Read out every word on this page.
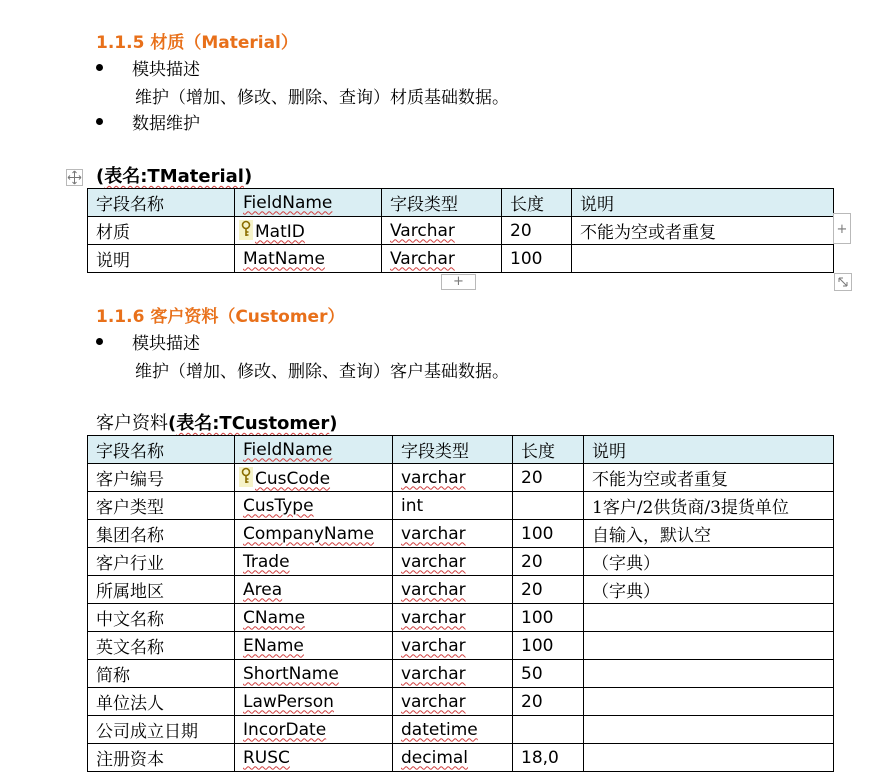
1.1.5 材质（Material）
模块描述
维护（增加、修改、删除、查询）材质基础数据。
数据维护
(表名:TMaterial)
字段名称	FieldName	字段类型	长度	说明
材质	MatID	Varchar	20	不能为空或者重复
说明	MatName	Varchar	100	
+
+
1.1.6 客户资料（Customer）
模块描述
维护（增加、修改、删除、查询）客户基础数据。
客户资料(表名:TCustomer)
字段名称	FieldName	字段类型	长度	说明
客户编号	CusCode	varchar	20	不能为空或者重复
客户类型	CusType	int		1客户/2供货商/3提货单位
集团名称	CompanyName	varchar	100	自输入，默认空
客户行业	Trade	varchar	20	（字典）
所属地区	Area	varchar	20	（字典）
中文名称	CName	varchar	100	
英文名称	EName	varchar	100	
简称	ShortName	varchar	50	
单位法人	LawPerson	varchar	20	
公司成立日期	IncorDate	datetime		
注册资本	RUSC	decimal	18,0	
